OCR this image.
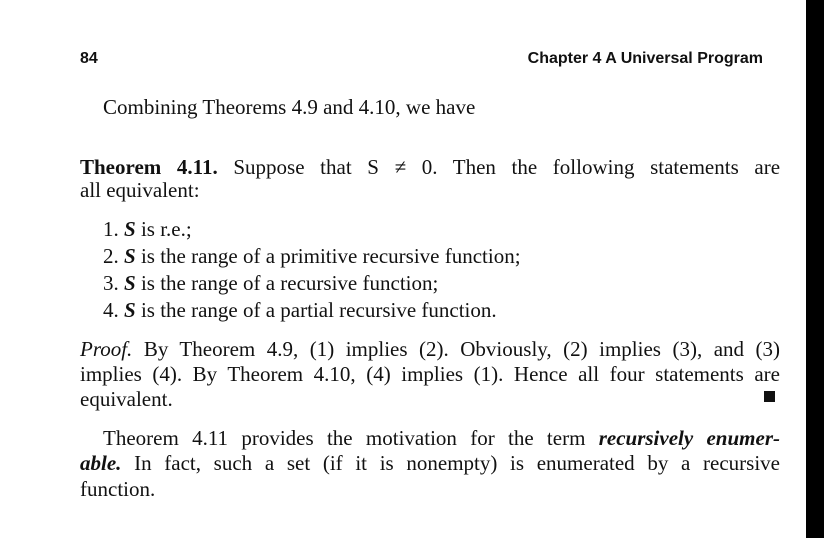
84	Chapter 4 A Universal Program
Combining Theorems 4.9 and 4.10, we have
Theorem 4.11. Suppose that S ≠ 0. Then the following statements are
all equivalent:
1. S is r.e.;
2. S is the range of a primitive recursive function;
3. S is the range of a recursive function;
4. S is the range of a partial recursive function.
Proof. By Theorem 4.9, (1) implies (2). Obviously, (2) implies (3), and (3)
implies (4). By Theorem 4.10, (4) implies (1). Hence all four statements are
equivalent.
Theorem 4.11 provides the motivation for the term recursively enumer-
able. In fact, such a set (if it is nonempty) is enumerated by a recursive
function.
